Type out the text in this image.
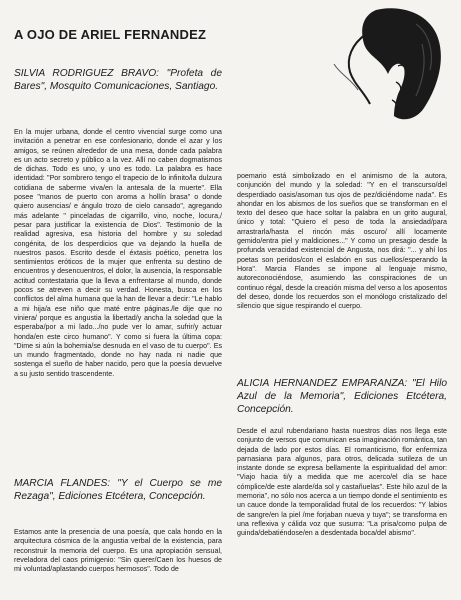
A OJO DE ARIEL FERNANDEZ

SILVIA RODRIGUEZ BRAVO: "Profeta de Bares", Mosquito Comunicaciones, Santiago.

En la mujer urbana, donde el centro vivencial surge como una invitación a penetrar en ese confesionario, donde el azar y los amigos, se reúnen alrededor de una mesa, donde cada palabra es un acto secreto y público a la vez. Allí no caben dogmatismos de dichas. Todo es uno, y uno es todo. La palabra es hace identidad: "Por sombrero tengo el trapecio de lo infinito/la dulzura cotidiana de saberme viva/en la antesala de la muerte". Ella posee "manos de puerto con aroma a hollín brasa" o donde quiero ausencias/ e ángulo trozo de cielo cansado", agregando más adelante " pinceladas de cigarrillo, vino, noche, locura,/ pesar para justificar la existencia de Dios". Testimonio de la realidad agresiva, esa historia del hombre y su soledad congénita, de los desperdicios que va dejando la huella de nuestros pasos. Escrito desde el éxtasis poético, penetra los sentimientos eróticos de la mujer que enfrenta su destino de encuentros y desencuentros, el dolor, la ausencia, la responsable actitud contestataria que la lleva a enfrentarse al mundo, donde pocos se atreven a decir su verdad. Honesta, busca en los conflictos del alma humana que la han de llevar a decir: "Le hablo a mi hija/a ese niño que maté entre páginas./le dije que no viniera/ porque es angustia la libertad/y ancha la soledad que la esperaba/por a mi lado.../no pude ver lo amar, sufrir/y actuar honda/en este circo humano". Y como si fuera la última copa: "Dime si aún la bohemia/se desnuda en el vaso de tu cuerpo". Es un mundo fragmentado, donde no hay nada ni nadie que sostenga el sueño de haber nacido, pero que la poesía devuelve a su justo sentido trascendente.

MARCIA FLANDES: "Y el Cuerpo se me Rezaga", Ediciones Etcétera, Concepción.

Estamos ante la presencia de una poesía, que cala hondo en la arquitectura cósmica de la angustia verbal de la existencia, para reconstruir la memoria del cuerpo. Es una apropiación sensual, reveladora del caos primigenio: "Sin querer/Caen los huesos de mi voluntad/aplastando cuerpos hermosos". Todo de

poemario está simbolizado en el animismo de la autora, conjunción del mundo y la soledad: "Y en el transcurso/del desperdiado oasis/asoman tus ojos de pez/diciéndome nada". Es ahondar en los abismos de los sueños que se transforman en el texto del deseo que hace soltar la palabra en un grito augural, único y total: "Quiero el peso de toda la ansiedad/para arrastrarla/hasta el rincón más oscuro/ allí locamente gemido/entra piel y maldiciones..." Y como un presagio desde la profunda veracidad existencial de Angusta, nos dirá: "... y ahí los poetas son peridos/con el eslabón en sus cuellos/esperando la Hora". Marcia Flandes se impone al lenguaje mismo, autoreconociéndose, asumiendo las conspiraciones de un continuo régal, desde la creación misma del verso a los aposentos del deseo, donde los recuerdos son el monólogo cristalizado del silencio que sigue respirando el cuerpo.

ALICIA HERNANDEZ EMPARANZA: "El Hilo Azul de la Memoria", Ediciones Etcétera, Concepción.

Desde el azul rubendariano hasta nuestros días nos llega este conjunto de versos que comunican esa imaginación romántica, tan dejada de lado por estos días. El romanticismo, flor enfermiza parnasiana para algunos, para otros, delicada sutileza de un instante donde se expresa bellamente la espiritualidad del amor: "Viajo hacia ti/y a medida que me acerco/el día se hace cómplice/de este alarde/da sol y castañuelas". Este hilo azul de la memoria", no sólo nos acerca a un tiempo donde el sentimiento es un cauce donde la temporalidad frutal de los recuerdos: "Y labios de sangre/en la piel /me forjaban nueva y tuya"; se transforma en una reflexiva y cálida voz que susurra: "La prisa/como pulpa de guinda/debatiéndose/en a desdentada boca/del abismo".
